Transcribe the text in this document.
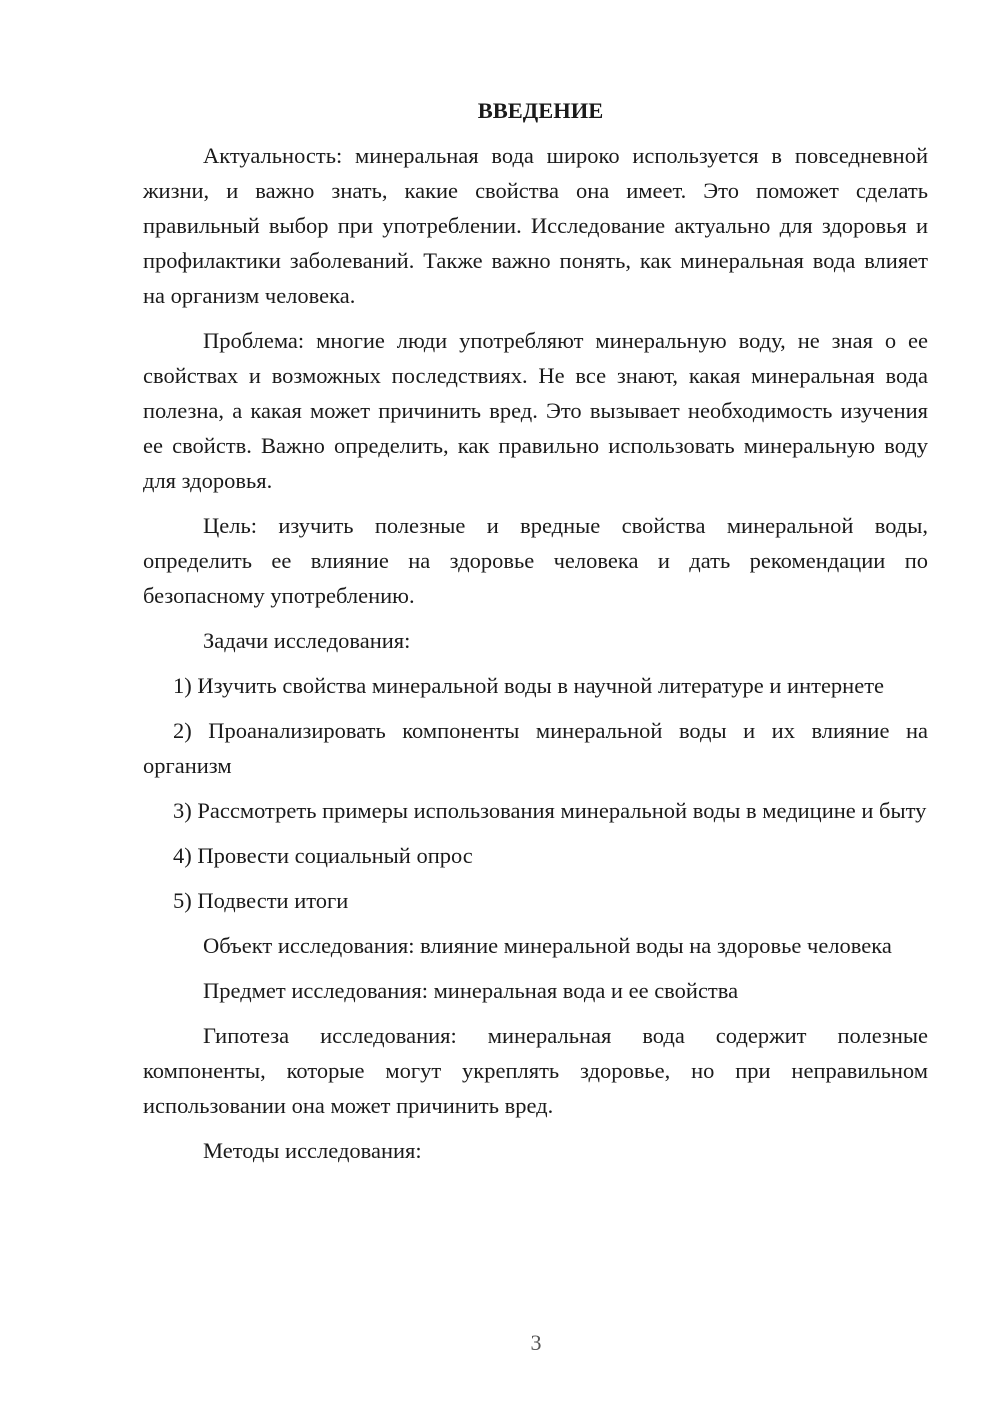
ВВЕДЕНИЕ

Актуальность: минеральная вода широко используется в повседневной жизни, и важно знать, какие свойства она имеет. Это поможет сделать правильный выбор при употреблении. Исследование актуально для здоровья и профилактики заболеваний. Также важно понять, как минеральная вода влияет на организм человека.

Проблема: многие люди употребляют минеральную воду, не зная о ее свойствах и возможных последствиях. Не все знают, какая минеральная вода полезна, а какая может причинить вред. Это вызывает необходимость изучения ее свойств. Важно определить, как правильно использовать минеральную воду для здоровья.

Цель: изучить полезные и вредные свойства минеральной воды, определить ее влияние на здоровье человека и дать рекомендации по безопасному употреблению.

Задачи исследования:

1) Изучить свойства минеральной воды в научной литературе и интернете

2) Проанализировать компоненты минеральной воды и их влияние на организм

3) Рассмотреть примеры использования минеральной воды в медицине и быту

4) Провести социальный опрос

5) Подвести итоги

Объект исследования: влияние минеральной воды на здоровье человека

Предмет исследования: минеральная вода и ее свойства

Гипотеза исследования: минеральная вода содержит полезные компоненты, которые могут укреплять здоровье, но при неправильном использовании она может причинить вред.

Методы исследования:

3
